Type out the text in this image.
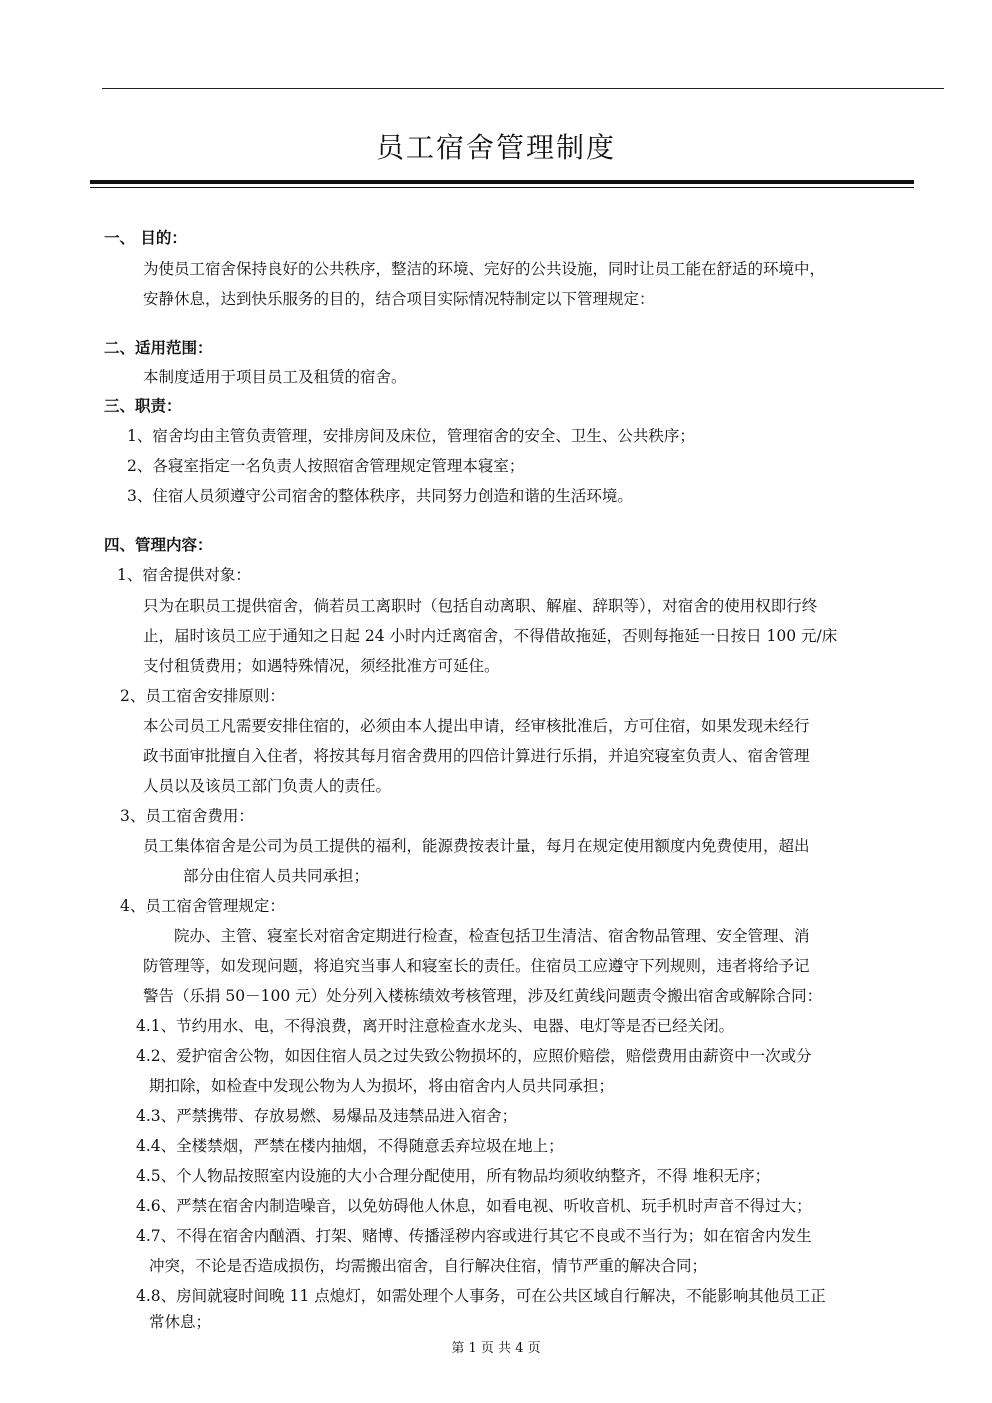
员工宿舍管理制度
一、 目的：
为使员工宿舍保持良好的公共秩序，整洁的环境、完好的公共设施，同时让员工能在舒适的环境中，
安静休息，达到快乐服务的目的，结合项目实际情况特制定以下管理规定：
二、适用范围：
本制度适用于项目员工及租赁的宿舍。
三、职责：
1、宿舍均由主管负责管理，安排房间及床位，管理宿舍的安全、卫生、公共秩序；
2、各寝室指定一名负责人按照宿舍管理规定管理本寝室；
3、住宿人员须遵守公司宿舍的整体秩序，共同努力创造和谐的生活环境。
四、管理内容：
1、宿舍提供对象：
只为在职员工提供宿舍，倘若员工离职时（包括自动离职、解雇、辞职等），对宿舍的使用权即行终
止，届时该员工应于通知之日起 24 小时内迁离宿舍，不得借故拖延，否则每拖延一日按日 100 元/床
支付租赁费用；如遇特殊情况，须经批准方可延住。
2、员工宿舍安排原则：
本公司员工凡需要安排住宿的，必须由本人提出申请，经审核批准后，方可住宿，如果发现未经行
政书面审批擅自入住者，将按其每月宿舍费用的四倍计算进行乐捐，并追究寝室负责人、宿舍管理
人员以及该员工部门负责人的责任。
3、员工宿舍费用：
员工集体宿舍是公司为员工提供的福利，能源费按表计量，每月在规定使用额度内免费使用，超出
部分由住宿人员共同承担；
4、员工宿舍管理规定：
院办、主管、寝室长对宿舍定期进行检查，检查包括卫生清洁、宿舍物品管理、安全管理、消
防管理等，如发现问题，将追究当事人和寝室长的责任。住宿员工应遵守下列规则，违者将给予记
警告（乐捐 50－100 元）处分列入楼栋绩效考核管理，涉及红黄线问题责令搬出宿舍或解除合同：
4.1、节约用水、电，不得浪费，离开时注意检查水龙头、电器、电灯等是否已经关闭。
4.2、爱护宿舍公物，如因住宿人员之过失致公物损坏的，应照价赔偿，赔偿费用由薪资中一次或分
期扣除，如检查中发现公物为人为损坏，将由宿舍内人员共同承担；
4.3、严禁携带、存放易燃、易爆品及违禁品进入宿舍；
4.4、全楼禁烟，严禁在楼内抽烟，不得随意丢弃垃圾在地上；
4.5、个人物品按照室内设施的大小合理分配使用，所有物品均须收纳整齐，不得 堆积无序；
4.6、严禁在宿舍内制造噪音，以免妨碍他人休息，如看电视、听收音机、玩手机时声音不得过大；
4.7、不得在宿舍内酗酒、打架、赌博、传播淫秽内容或进行其它不良或不当行为；如在宿舍内发生
冲突，不论是否造成损伤，均需搬出宿舍，自行解决住宿，情节严重的解决合同；
4.8、房间就寝时间晚 11 点熄灯，如需处理个人事务，可在公共区域自行解决，不能影响其他员工正
常休息；
第 1 页 共 4 页
